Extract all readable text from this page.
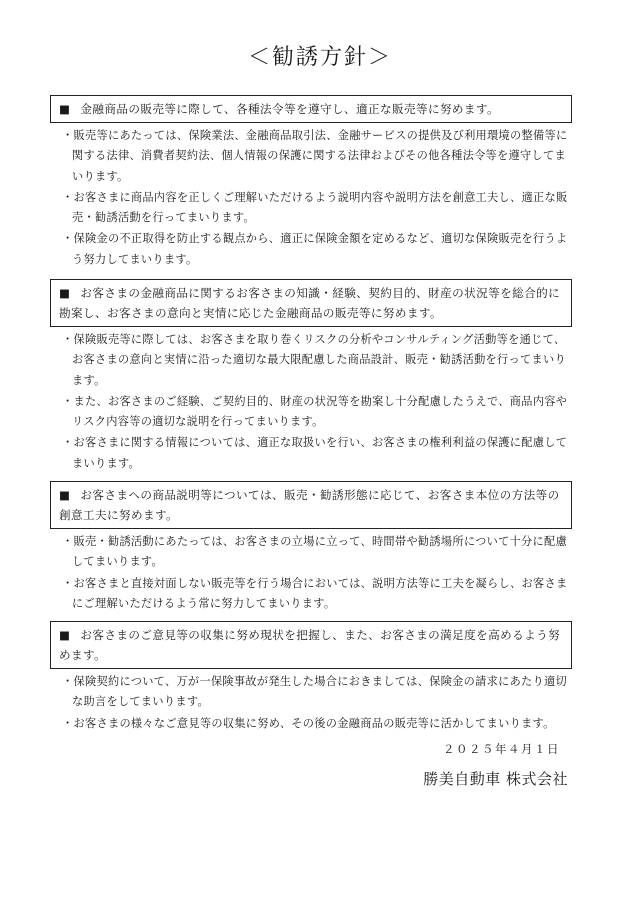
＜勧誘方針＞
■ 金融商品の販売等に際して、各種法令等を遵守し、適正な販売等に努めます。
・販売等にあたっては、保険業法、金融商品取引法、金融サービスの提供及び利用環境の整備等に関する法律、消費者契約法、個人情報の保護に関する法律およびその他各種法令等を遵守してまいります。
・お客さまに商品内容を正しくご理解いただけるよう説明内容や説明方法を創意工夫し、適正な販売・勧誘活動を行ってまいります。
・保険金の不正取得を防止する観点から、適正に保険金額を定めるなど、適切な保険販売を行うよう努力してまいります。
■ お客さまの金融商品に関するお客さまの知識・経験、契約目的、財産の状況等を総合的に勘案し、お客さまの意向と実情に応じた金融商品の販売等に努めます。
・保険販売等に際しては、お客さまを取り巻くリスクの分析やコンサルティング活動等を通じて、お客さまの意向と実情に沿った適切な最大限配慮した商品設計、販売・勧誘活動を行ってまいります。
・また、お客さまのご経験、ご契約目的、財産の状況等を勘案し十分配慮したうえで、商品内容やリスク内容等の適切な説明を行ってまいります。
・お客さまに関する情報については、適正な取扱いを行い、お客さまの権利利益の保護に配慮してまいります。
■ お客さまへの商品説明等については、販売・勧誘形態に応じて、お客さま本位の方法等の創意工夫に努めます。
・販売・勧誘活動にあたっては、お客さまの立場に立って、時間帯や勧誘場所について十分に配慮してまいります。
・お客さまと直接対面しない販売等を行う場合においては、説明方法等に工夫を凝らし、お客さまにご理解いただけるよう常に努力してまいります。
■ お客さまのご意見等の収集に努め現状を把握し、また、お客さまの満足度を高めるよう努めます。
・保険契約について、万が一保険事故が発生した場合におきましては、保険金の請求にあたり適切な助言をしてまいります。
・お客さまの様々なご意見等の収集に努め、その後の金融商品の販売等に活かしてまいります。
２０２５年４月１日
勝美自動車 株式会社
